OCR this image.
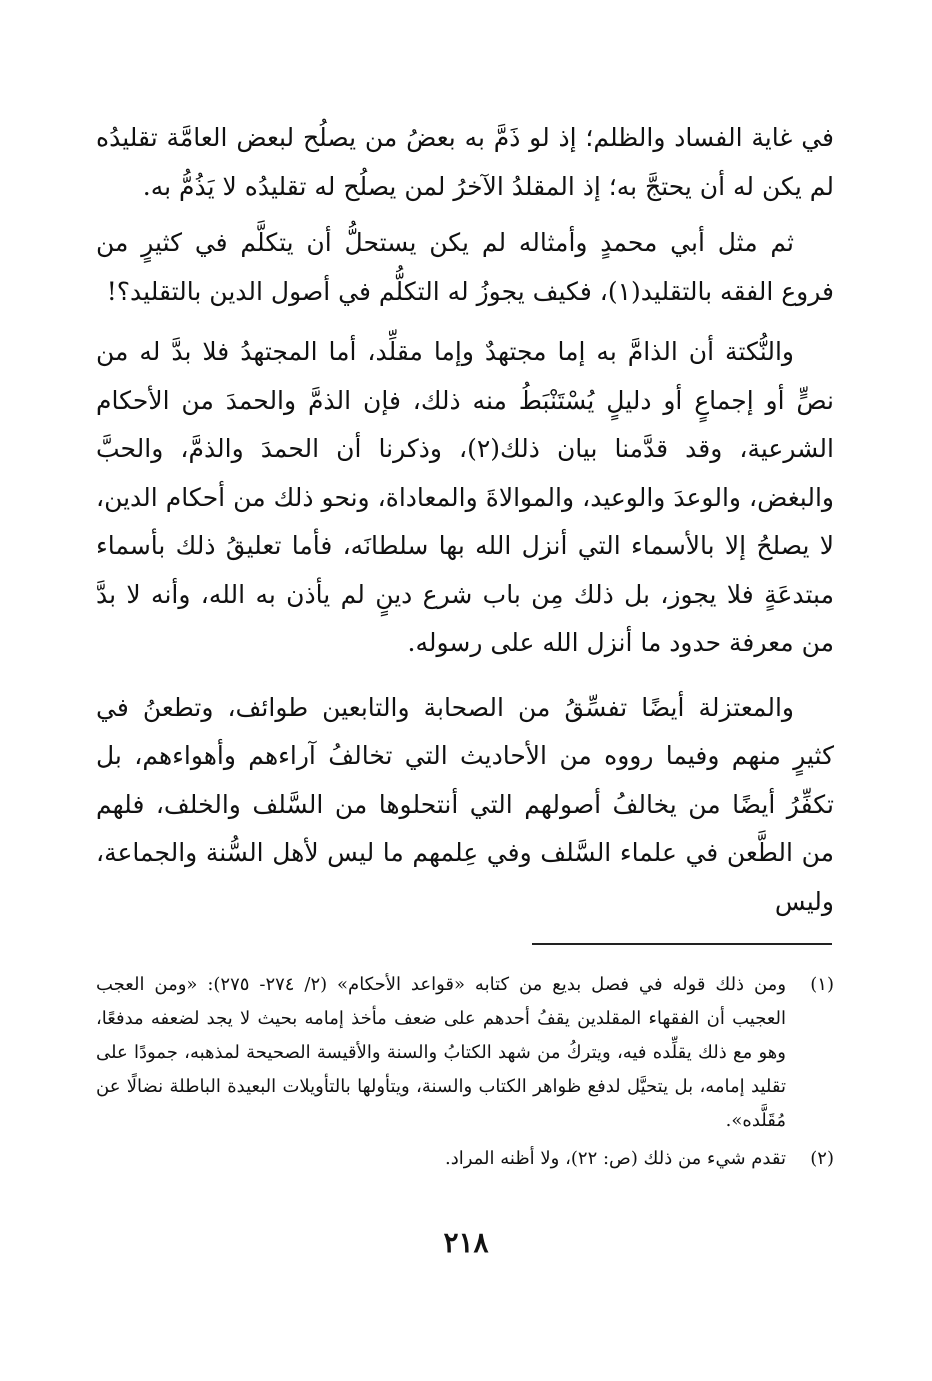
في غاية الفساد والظلم؛ إذ لو ذَمَّ به بعضُ من يصلُح لبعض العامَّة تقليدُه لم يكن له أن يحتجَّ به؛ إذ المقلدُ الآخرُ لمن يصلُح له تقليدُه لا يَذُمُّ به.

ثم مثل أبي محمدٍ وأمثاله لم يكن يستحلُّ أن يتكلَّم في كثيرٍ من فروع الفقه بالتقليد(١)، فكيف يجوزُ له التكلُّم في أصول الدين بالتقليد؟!

والنُّكتة أن الذامَّ به إما مجتهدٌ وإما مقلِّد، أما المجتهدُ فلا بدَّ له من نصٍّ أو إجماعٍ أو دليلٍ يُسْتَنْبَطُ منه ذلك، فإن الذمَّ والحمدَ من الأحكام الشرعية، وقد قدَّمنا بيان ذلك(٢)، وذكرنا أن الحمدَ والذمَّ، والحبَّ والبغض، والوعدَ والوعيد، والموالاةَ والمعاداة، ونحو ذلك من أحكام الدين، لا يصلحُ إلا بالأسماء التي أنزل الله بها سلطانَه، فأما تعليقُ ذلك بأسماء مبتدعَةٍ فلا يجوز، بل ذلك مِن باب شرع دينٍ لم يأذن به الله، وأنه لا بدَّ من معرفة حدود ما أنزل الله على رسوله.

والمعتزلة أيضًا تفسِّقُ من الصحابة والتابعين طوائف، وتطعنُ في كثيرٍ منهم وفيما رووه من الأحاديث التي تخالفُ آراءهم وأهواءهم، بل تكفِّرُ أيضًا من يخالفُ أصولهم التي أنتحلوها من السَّلف والخلف، فلهم من الطَّعن في علماء السَّلف وفي عِلمهم ما ليس لأهل السُّنة والجماعة، وليس

(١)
ومن ذلك قوله في فصل بديع من كتابه «قواعد الأحكام» (٢/ ٢٧٤- ٢٧٥): «ومن العجب العجيب أن الفقهاء المقلدين يقفُ أحدهم على ضعف مأخذ إمامه بحيث لا يجد لضعفه مدفعًا، وهو مع ذلك يقلِّده فيه، ويتركُ من شهد الكتابُ والسنة والأقيسة الصحيحة لمذهبه، جمودًا على تقليد إمامه، بل يتحيَّل لدفع ظواهر الكتاب والسنة، ويتأولها بالتأويلات البعيدة الباطلة نضالًا عن مُقَلَّده».
(٢)
تقدم شيء من ذلك (ص: ٢٢)، ولا أظنه المراد.
٢١٨
